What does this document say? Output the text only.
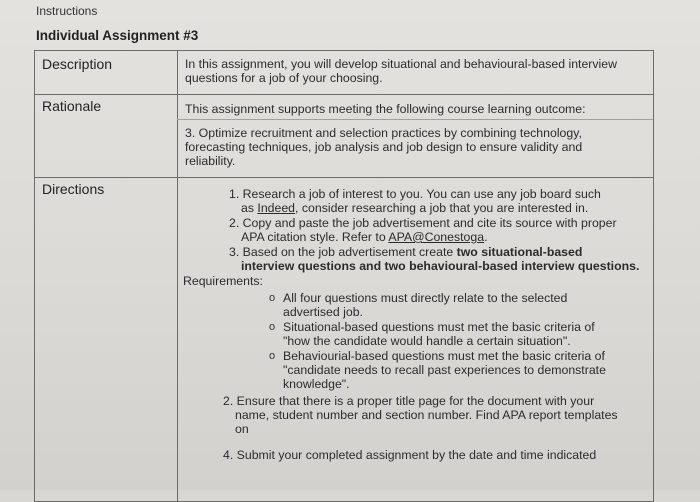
Instructions
Individual Assignment #3
Description	In this assignment, you will develop situational and behavioural-based interview
questions for a job of your choosing.
Rationale	This assignment supports meeting the following course learning outcome:
3. Optimize recruitment and selection practices by combining technology,
forecasting techniques, job analysis and job design to ensure validity and
reliability.
Directions	1. Research a job of interest to you. You can use any job board such
as Indeed, consider researching a job that you are interested in.
2. Copy and paste the job advertisement and cite its source with proper
APA citation style. Refer to APA@Conestoga.
3. Based on the job advertisement create two situational-based
interview questions and two behavioural-based interview questions.
Requirements:
o All four questions must directly relate to the selected
advertised job.
o Situational-based questions must met the basic criteria of
"how the candidate would handle a certain situation".
o Behaviourial-based questions must met the basic criteria of
"candidate needs to recall past experiences to demonstrate
knowledge".
2. Ensure that there is a proper title page for the document with your
name, student number and section number. Find APA report templates
on
4. Submit your completed assignment by the date and time indicated
